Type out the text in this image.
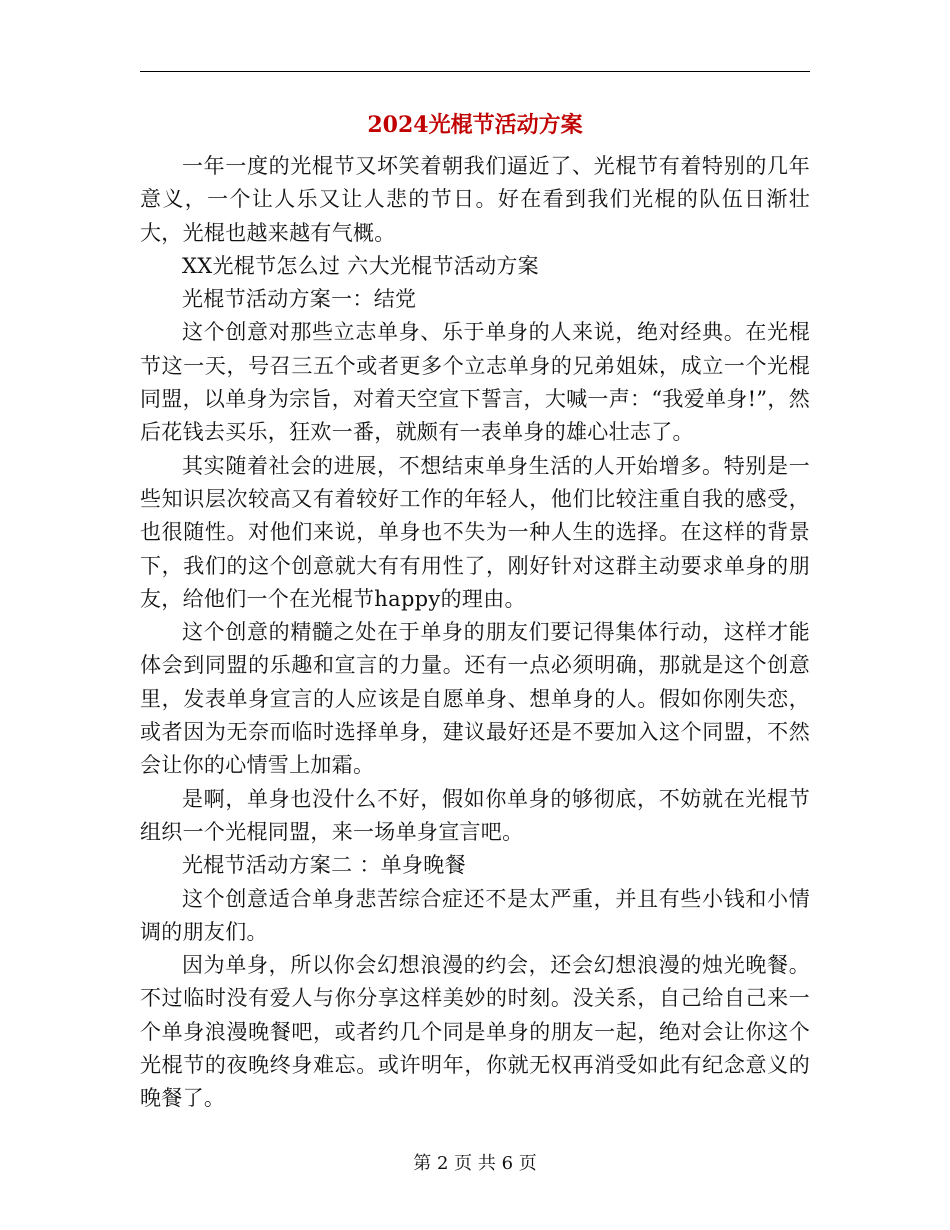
2024光棍节活动方案

一年一度的光棍节又坏笑着朝我们逼近了、光棍节有着特别的几年意义，一个让人乐又让人悲的节日。好在看到我们光棍的队伍日渐壮大，光棍也越来越有气概。

XX光棍节怎么过 六大光棍节活动方案

光棍节活动方案一：结党

这个创意对那些立志单身、乐于单身的人来说，绝对经典。在光棍节这一天，号召三五个或者更多个立志单身的兄弟姐妹，成立一个光棍同盟，以单身为宗旨，对着天空宣下誓言，大喊一声：“我爱单身!”，然后花钱去买乐，狂欢一番，就颇有一表单身的雄心壮志了。

其实随着社会的进展，不想结束单身生活的人开始增多。特别是一些知识层次较高又有着较好工作的年轻人，他们比较注重自我的感受，也很随性。对他们来说，单身也不失为一种人生的选择。在这样的背景下，我们的这个创意就大有有用性了，刚好针对这群主动要求单身的朋友，给他们一个在光棍节happy的理由。

这个创意的精髓之处在于单身的朋友们要记得集体行动，这样才能体会到同盟的乐趣和宣言的力量。还有一点必须明确，那就是这个创意里，发表单身宣言的人应该是自愿单身、想单身的人。假如你刚失恋，或者因为无奈而临时选择单身，建议最好还是不要加入这个同盟，不然会让你的心情雪上加霜。

是啊，单身也没什么不好，假如你单身的够彻底，不妨就在光棍节组织一个光棍同盟，来一场单身宣言吧。

光棍节活动方案二 ：单身晚餐

这个创意适合单身悲苦综合症还不是太严重，并且有些小钱和小情调的朋友们。

因为单身，所以你会幻想浪漫的约会，还会幻想浪漫的烛光晚餐。不过临时没有爱人与你分享这样美妙的时刻。没关系，自己给自己来一个单身浪漫晚餐吧，或者约几个同是单身的朋友一起，绝对会让你这个光棍节的夜晚终身难忘。或许明年，你就无权再消受如此有纪念意义的晚餐了。

第 2 页 共 6 页
